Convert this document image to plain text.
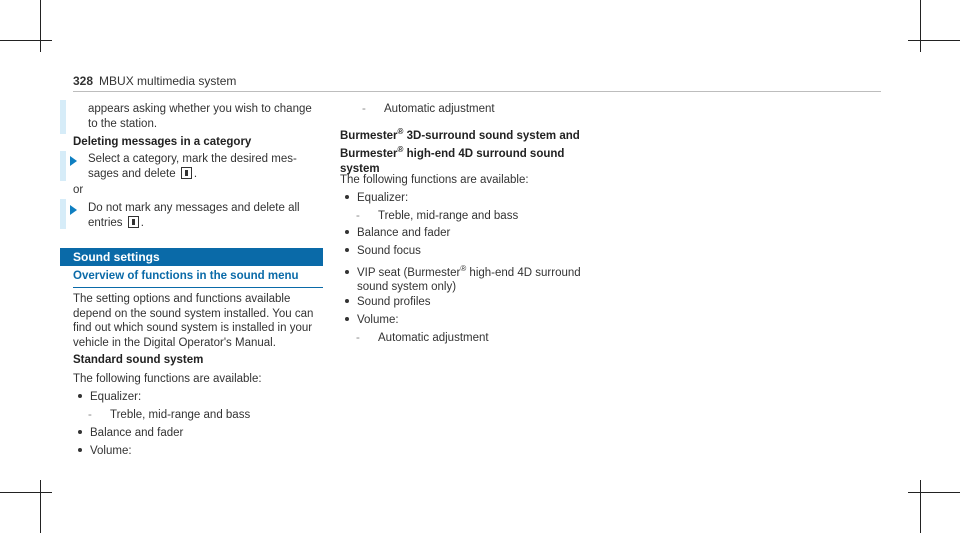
328 MBUX multimedia system

appears asking whether you wish to change

to the station.

Deleting messages in a category

Select a category, mark the desired mes-

sages and delete .

or

Do not mark any messages and delete all

entries .

Sound settings
Overview of functions in the sound menu

The setting options and functions available

depend on the sound system installed. You can

find out which sound system is installed in your

vehicle in the Digital Operator's Manual.

Standard sound system
The following functions are available:
Equalizer:
- Treble, mid-range and bass
Balance and fader
Volume:
- Automatic adjustment

Burmester® 3D-surround sound system and

Burmester® high-end 4D surround sound

system

The following functions are available:
Equalizer:
- Treble, mid-range and bass
Balance and fader
Sound focus

VIP seat (Burmester® high-end 4D surround

sound system only)

Sound profiles
Volume:
- Automatic adjustment
